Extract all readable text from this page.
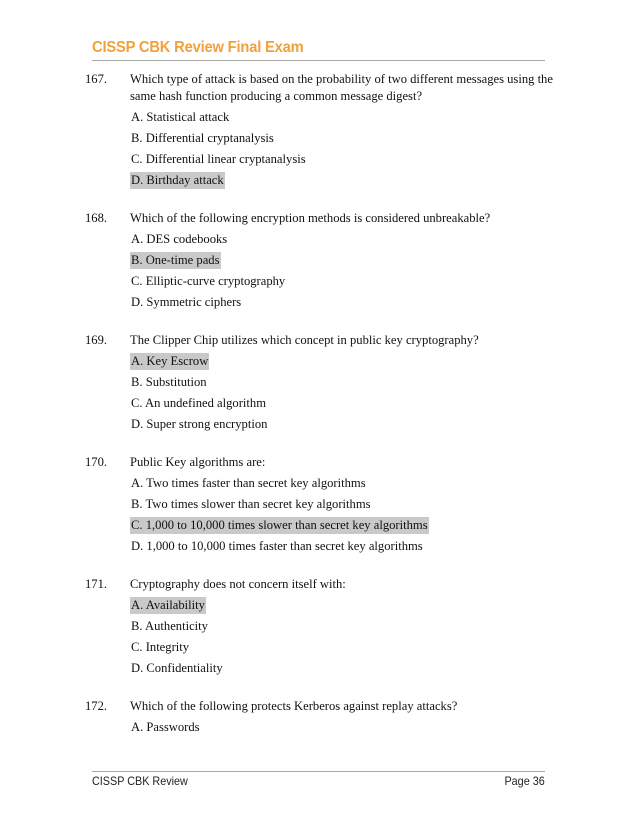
CISSP CBK Review Final Exam
167.	Which type of attack is based on the probability of two different messages using the same hash function producing a common message digest?
A. Statistical attack
B. Differential cryptanalysis
C. Differential linear cryptanalysis
D. Birthday attack
168.	Which of the following encryption methods is considered unbreakable?
A. DES codebooks
B. One-time pads
C. Elliptic-curve cryptography
D. Symmetric ciphers
169.	The Clipper Chip utilizes which concept in public key cryptography?
A. Key Escrow
B. Substitution
C. An undefined algorithm
D. Super strong encryption
170.	Public Key algorithms are:
A. Two times faster than secret key algorithms
B. Two times slower than secret key algorithms
C. 1,000 to 10,000 times slower than secret key algorithms
D. 1,000 to 10,000 times faster than secret key algorithms
171.	Cryptography does not concern itself with:
A. Availability
B. Authenticity
C. Integrity
D. Confidentiality
172.	Which of the following protects Kerberos against replay attacks?
A. Passwords
CISSP CBK Review	Page 36
